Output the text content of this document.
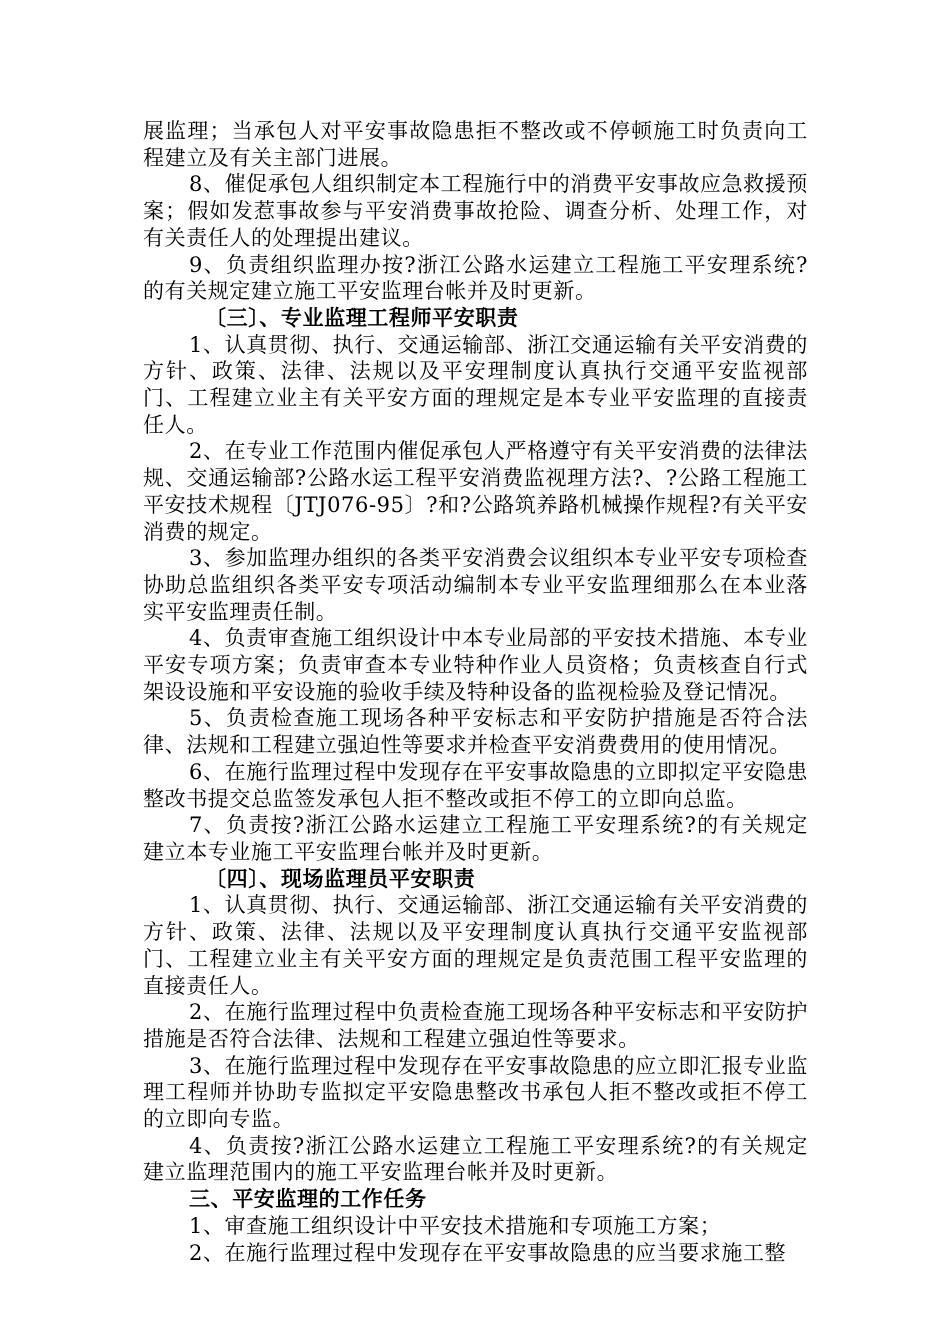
展监理；当承包人对平安事故隐患拒不整改或不停顿施工时负责向工程建立及有关主部门进展。

8、催促承包人组织制定本工程施行中的消费平安事故应急救援预案；假如发惹事故参与平安消费事故抢险、调查分析、处理工作，对有关责任人的处理提出建议。

9、负责组织监理办按?浙江公路水运建立工程施工平安理系统?的有关规定建立施工平安监理台帐并及时更新。

〔三〕、专业监理工程师平安职责

1、认真贯彻、执行、交通运输部、浙江交通运输有关平安消费的方针、政策、法律、法规以及平安理制度认真执行交通平安监视部门、工程建立业主有关平安方面的理规定是本专业平安监理的直接责任人。

2、在专业工作范围内催促承包人严格遵守有关平安消费的法律法规、交通运输部?公路水运工程平安消费监视理方法?、?公路工程施工平安技术规程〔JTJ076-95〕?和?公路筑养路机械操作规程?有关平安消费的规定。

3、参加监理办组织的各类平安消费会议组织本专业平安专项检查协助总监组织各类平安专项活动编制本专业平安监理细那么在本业落实平安监理责任制。

4、负责审查施工组织设计中本专业局部的平安技术措施、本专业平安专项方案；负责审查本专业特种作业人员资格；负责核查自行式架设设施和平安设施的验收手续及特种设备的监视检验及登记情况。

5、负责检查施工现场各种平安标志和平安防护措施是否符合法律、法规和工程建立强迫性等要求并检查平安消费费用的使用情况。

6、在施行监理过程中发现存在平安事故隐患的立即拟定平安隐患整改书提交总监签发承包人拒不整改或拒不停工的立即向总监。

7、负责按?浙江公路水运建立工程施工平安理系统?的有关规定建立本专业施工平安监理台帐并及时更新。

〔四〕、现场监理员平安职责

1、认真贯彻、执行、交通运输部、浙江交通运输有关平安消费的方针、政策、法律、法规以及平安理制度认真执行交通平安监视部门、工程建立业主有关平安方面的理规定是负责范围工程平安监理的直接责任人。

2、在施行监理过程中负责检查施工现场各种平安标志和平安防护措施是否符合法律、法规和工程建立强迫性等要求。

3、在施行监理过程中发现存在平安事故隐患的应立即汇报专业监理工程师并协助专监拟定平安隐患整改书承包人拒不整改或拒不停工的立即向专监。

4、负责按?浙江公路水运建立工程施工平安理系统?的有关规定建立监理范围内的施工平安监理台帐并及时更新。

三、平安监理的工作任务

1、审查施工组织设计中平安技术措施和专项施工方案；

2、在施行监理过程中发现存在平安事故隐患的应当要求施工整
